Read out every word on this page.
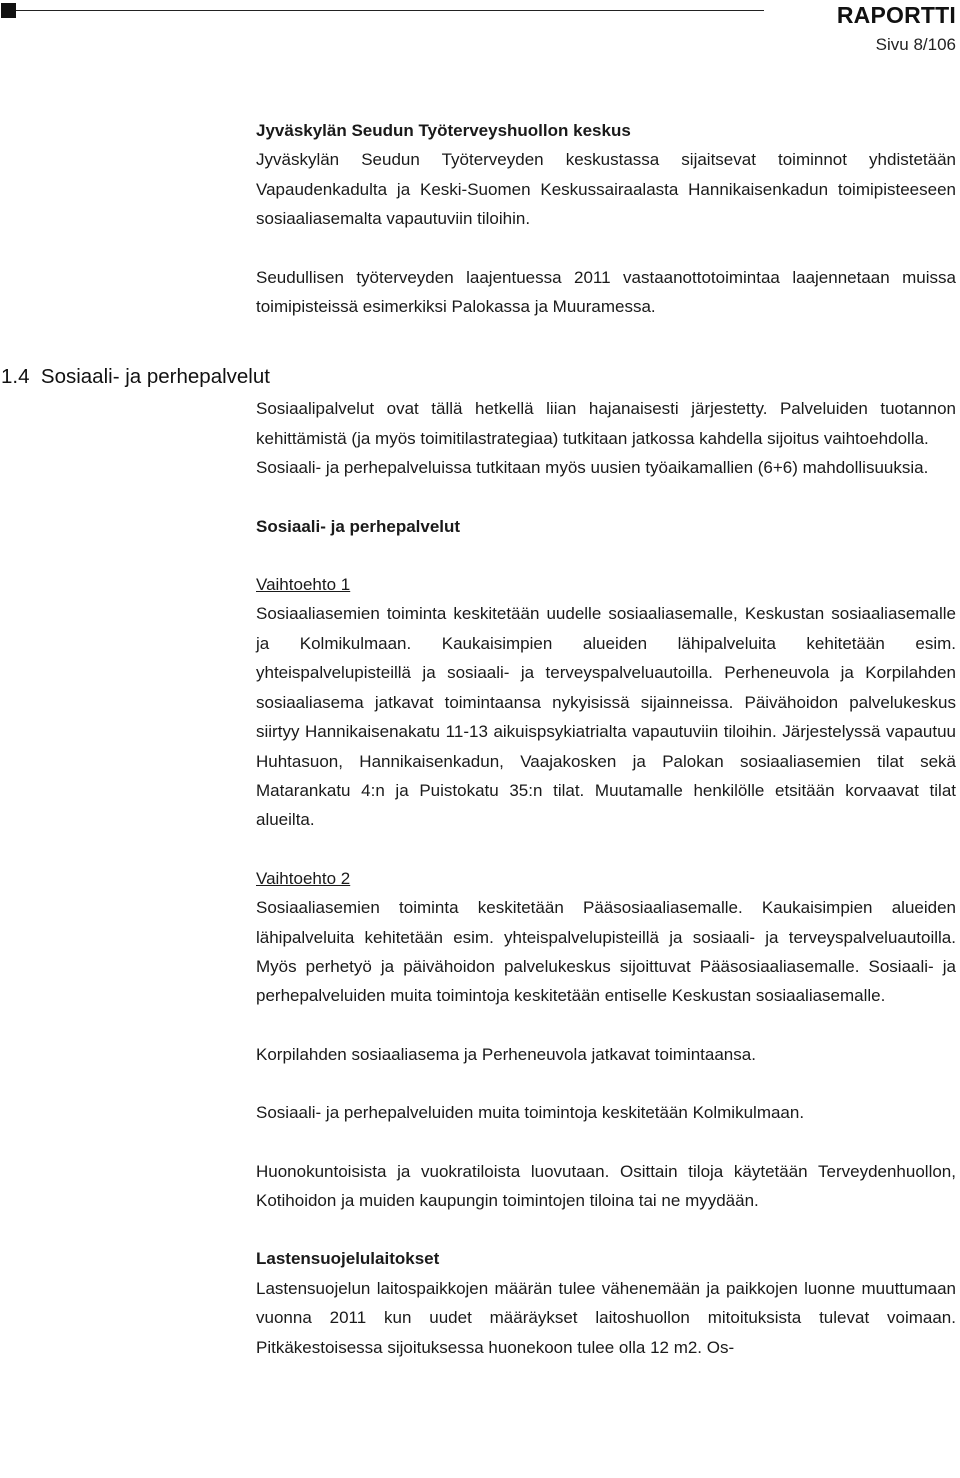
RAPORTTI
Sivu 8/106
1.4 Sosiaali- ja perhepalvelut

Jyväskylän Seudun Työterveyshuollon keskus

Jyväskylän Seudun Työterveyden keskustassa sijaitsevat toiminnot yhdistetään Vapaudenkadulta ja Keski-Suomen Keskussairaalasta Hannikaisenkadun toimipisteeseen sosiaaliasemalta vapautuviin tiloihin.

Seudullisen työterveyden laajentuessa 2011 vastaanottotoimintaa laajennetaan muissa toimipisteissä esimerkiksi Palokassa ja Muuramessa.

Sosiaalipalvelut ovat tällä hetkellä liian hajanaisesti järjestetty. Palveluiden tuotannon kehittämistä (ja myös toimitilastrategiaa) tutkitaan jatkossa kahdella sijoitus vaihtoehdolla.

Sosiaali- ja perhepalveluissa tutkitaan myös uusien työaikamallien (6+6) mahdollisuuksia.

Sosiaali- ja perhepalvelut

Vaihtoehto 1

Sosiaaliasemien toiminta keskitetään uudelle sosiaaliasemalle, Keskustan sosiaaliasemalle ja Kolmikulmaan. Kaukaisimpien alueiden lähipalveluita kehitetään esim. yhteispalvelupisteillä ja sosiaali- ja terveyspalveluautoilla. Perheneuvola ja Korpilahden sosiaaliasema jatkavat toimintaansa nykyisissä sijainneissa. Päivähoidon palvelukeskus siirtyy Hannikaisenakatu 11-13 aikuispsykiatrialta vapautuviin tiloihin. Järjestelyssä vapautuu Huhtasuon, Hannikaisenkadun, Vaajakosken ja Palokan sosiaaliasemien tilat sekä Matarankatu 4:n ja Puistokatu 35:n tilat. Muutamalle henkilölle etsitään korvaavat tilat alueilta.

Vaihtoehto 2

Sosiaaliasemien toiminta keskitetään Pääsosiaaliasemalle. Kaukaisimpien alueiden lähipalveluita kehitetään esim. yhteispalvelupisteillä ja sosiaali- ja terveyspalveluautoilla. Myös perhetyö ja päivähoidon palvelukeskus sijoittuvat Pääsosiaaliasemalle. Sosiaali- ja perhepalveluiden muita toimintoja keskitetään entiselle Keskustan sosiaaliasemalle.

Korpilahden sosiaaliasema ja Perheneuvola jatkavat toimintaansa.

Sosiaali- ja perhepalveluiden muita toimintoja keskitetään Kolmikulmaan.

Huonokuntoisista ja vuokratiloista luovutaan. Osittain tiloja käytetään Terveydenhuollon, Kotihoidon ja muiden kaupungin toimintojen tiloina tai ne myydään.

Lastensuojelulaitokset

Lastensuojelun laitospaikkojen määrän tulee vähenemään ja paikkojen luonne muuttumaan vuonna 2011 kun uudet määräykset laitoshuollon mitoituksista tulevat voimaan. Pitkäkestoisessa sijoituksessa huonekoon tulee olla 12 m2. Os-
